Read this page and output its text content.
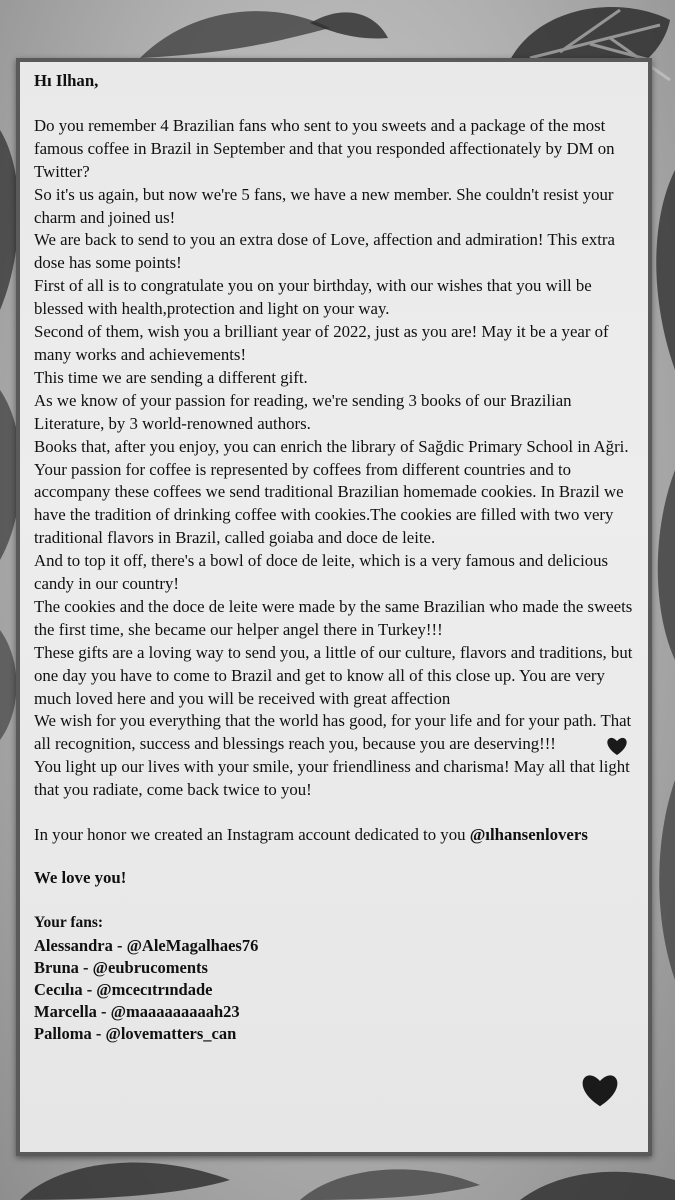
Hı Ilhan,

Do you remember 4 Brazilian fans who sent to you sweets and a package of the most famous coffee in Brazil in September and that you responded affectionately by DM on Twitter?

So it's us again, but now we're 5 fans, we have a new member. She couldn't resist your charm and joined us!

We are back to send to you an extra dose of Love, affection and admiration! This extra dose has some points!

First of all is to congratulate you on your birthday, with our wishes that you will be blessed with health,protection and light on your way.

Second of them, wish you a brilliant year of 2022, just as you are! May it be a year of many works and achievements!

This time we are sending a different gift.

As we know of your passion for reading, we're sending 3 books of our Brazilian Literature, by 3 world-renowned authors.

Books that, after you enjoy, you can enrich the library of Sağdic Primary School in Ağri.

Your passion for coffee is represented by coffees from different countries and to accompany these coffees we send traditional Brazilian homemade cookies. In Brazil we have the tradition of drinking coffee with cookies.The cookies are filled with two very traditional flavors in Brazil, called goiaba and doce de leite.

And to top it off, there's a bowl of doce de leite, which is a very famous and delicious candy in our country!

The cookies and the doce de leite were made by the same Brazilian who made the sweets the first time, she became our helper angel there in Turkey!!!

These gifts are a loving way to send you, a little of our culture, flavors and traditions, but one day you have to come to Brazil and get to know all of this close up. You are very much loved here and you will be received with great affection

We wish for you everything that the world has good, for your life and for your path. That all recognition, success and blessings reach you, because you are deserving!!!

You light up our lives with your smile, your friendliness and charisma! May all that light that you radiate, come back twice to you!

In your honor we created an Instagram account dedicated to you @ılhansenlovers
We love you!
Your fans:
Alessandra - @AleMagalhaes76
Bruna - @eubrucoments
Cecılıa - @mcecıtrındade
Marcella - @maaaaaaaaah23
Palloma - @lovematters_can
